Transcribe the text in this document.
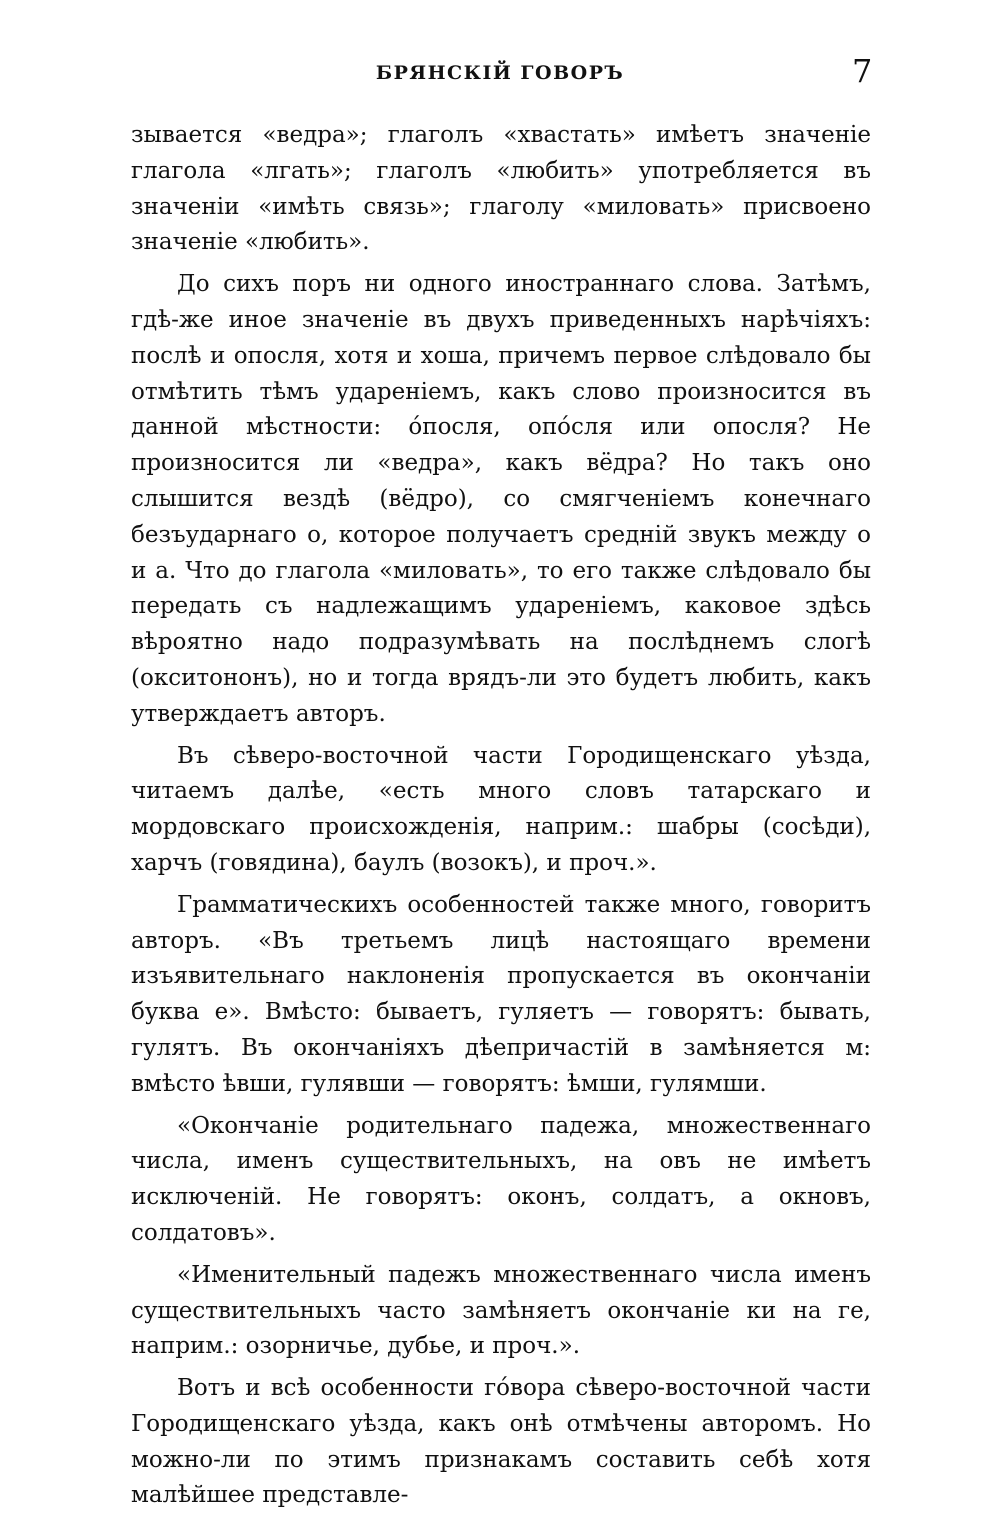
БРЯНСКІЙ ГОВОРЪ	7

зывается «ведра»; глаголъ «хвастать» имѣетъ значеніе глагола «лгать»; глаголъ «любить» употребляется въ значеніи «имѣть связь»; глаголу «миловать» присвоено значеніе «любить».

До сихъ поръ ни одного иностраннаго слова. Затѣмъ, гдѣ-же иное значеніе въ двухъ приведенныхъ нарѣчіяхъ: послѣ и опосля, хотя и хоша, причемъ первое слѣдовало бы отмѣтить тѣмъ удареніемъ, какъ слово произносится въ данной мѣстности: о́посля, опо́сля или опосля? Не произносится ли «ведра», какъ вёдра? Но такъ оно слышится вездѣ (вёдро), со смягченіемъ конечнаго безъударнаго о, которое получаетъ средній звукъ между о и а. Что до глагола «миловать», то его также слѣдовало бы передать съ надлежащимъ удареніемъ, каковое здѣсь вѣроятно надо подразумѣвать на послѣднемъ слогѣ (окситононъ), но и тогда врядъ-ли это будетъ любить, какъ утверждаетъ авторъ.

Въ сѣверо-восточной части Городищенскаго уѣзда, читаемъ далѣе, «есть много словъ татарскаго и мордовскаго происхожденія, наприм.: шабры (сосѣди), харчъ (говядина), баулъ (возокъ), и проч.».

Грамматическихъ особенностей также много, говоритъ авторъ. «Въ третьемъ лицѣ настоящаго времени изъявительнаго наклоненія пропускается въ окончаніи буква е». Вмѣсто: бываетъ, гуляетъ — говорятъ: бывать, гулятъ. Въ окончаніяхъ дѣепричастій в замѣняется м: вмѣсто ѣвши, гулявши — говорятъ: ѣмши, гулямши.

«Окончаніе родительнаго падежа, множественнаго числа, именъ существительныхъ, на овъ не имѣетъ исключеній. Не говорятъ: оконъ, солдатъ, а окновъ, солдатовъ».

«Именительный падежъ множественнаго числа именъ существительныхъ часто замѣняетъ окончаніе ки на ге, наприм.: озорничье, дубье, и проч.».

Вотъ и всѣ особенности го́вора сѣверо-восточной части Городищенскаго уѣзда, какъ онѣ отмѣчены авторомъ. Но можно-ли по этимъ признакамъ составить себѣ хотя малѣйшее представле-
